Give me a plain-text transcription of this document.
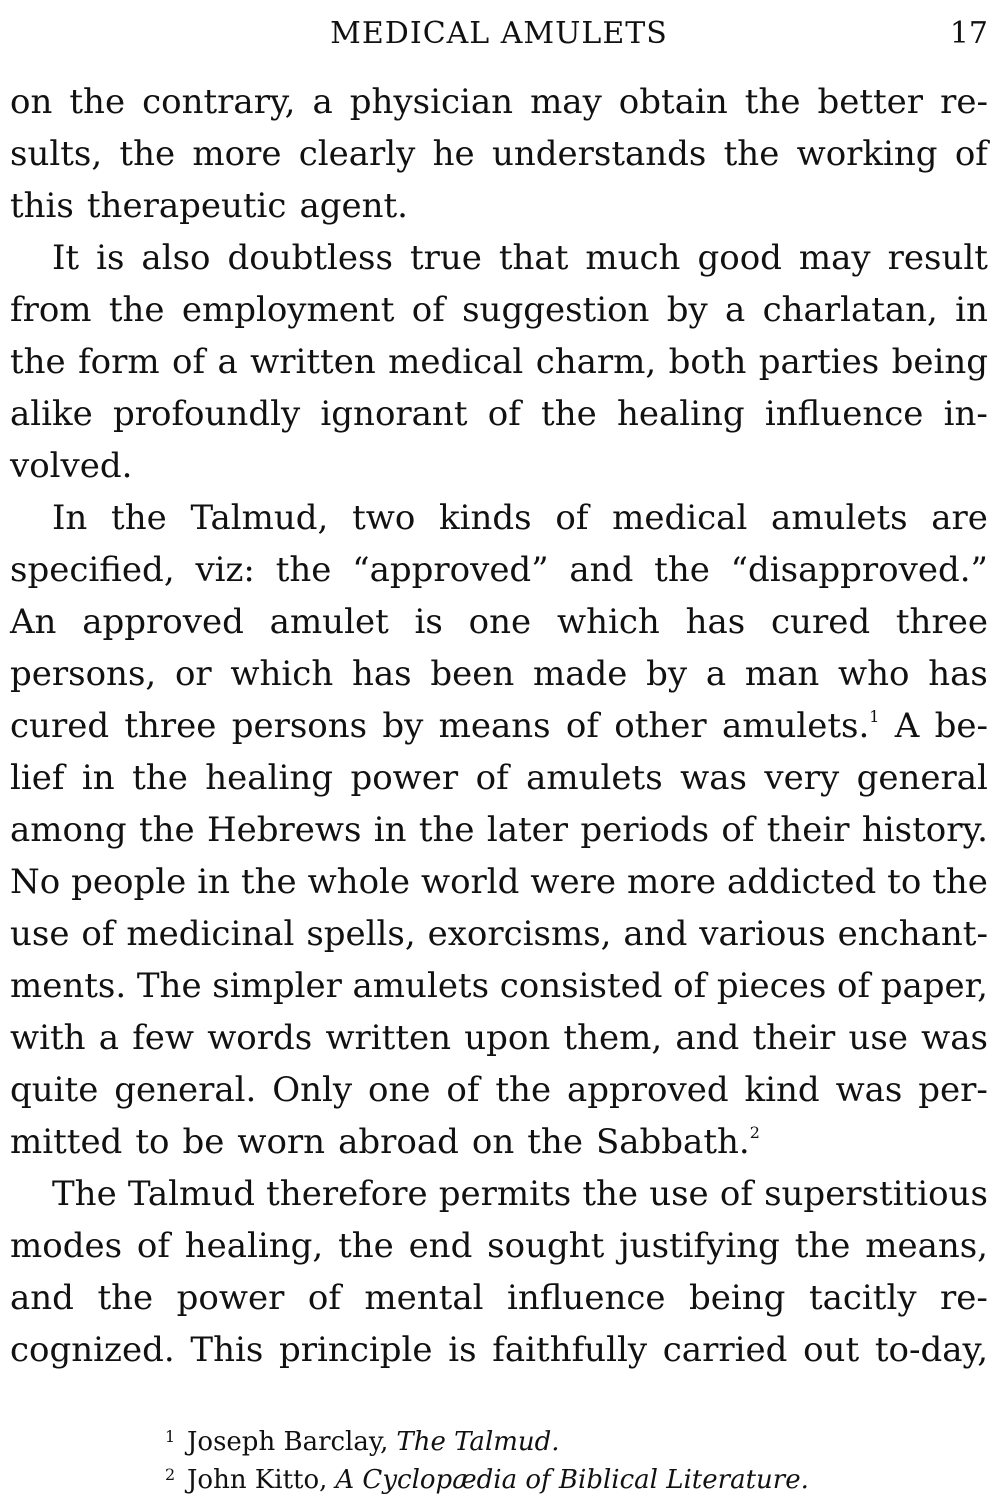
MEDICAL AMULETS	17
on the contrary, a physician may obtain the better re-
sults, the more clearly he understands the working of
this therapeutic agent.
It is also doubtless true that much good may result
from the employment of suggestion by a charlatan, in
the form of a written medical charm, both parties being
alike profoundly ignorant of the healing influence in-
volved.
In the Talmud, two kinds of medical amulets are
specified, viz: the “approved” and the “disapproved.”
An approved amulet is one which has cured three
persons, or which has been made by a man who has
cured three persons by means of other amulets.$^1$ A be-
lief in the healing power of amulets was very general
among the Hebrews in the later periods of their history.
No people in the whole world were more addicted to the
use of medicinal spells, exorcisms, and various enchant-
ments. The simpler amulets consisted of pieces of paper,
with a few words written upon them, and their use was
quite general. Only one of the approved kind was per-
mitted to be worn abroad on the Sabbath.$^2$
The Talmud therefore permits the use of superstitious
modes of healing, the end sought justifying the means,
and the power of mental influence being tacitly re-
cognized. This principle is faithfully carried out to-day,
1 Joseph Barclay, The Talmud.
2 John Kitto, A Cyclopædia of Biblical Literature.
